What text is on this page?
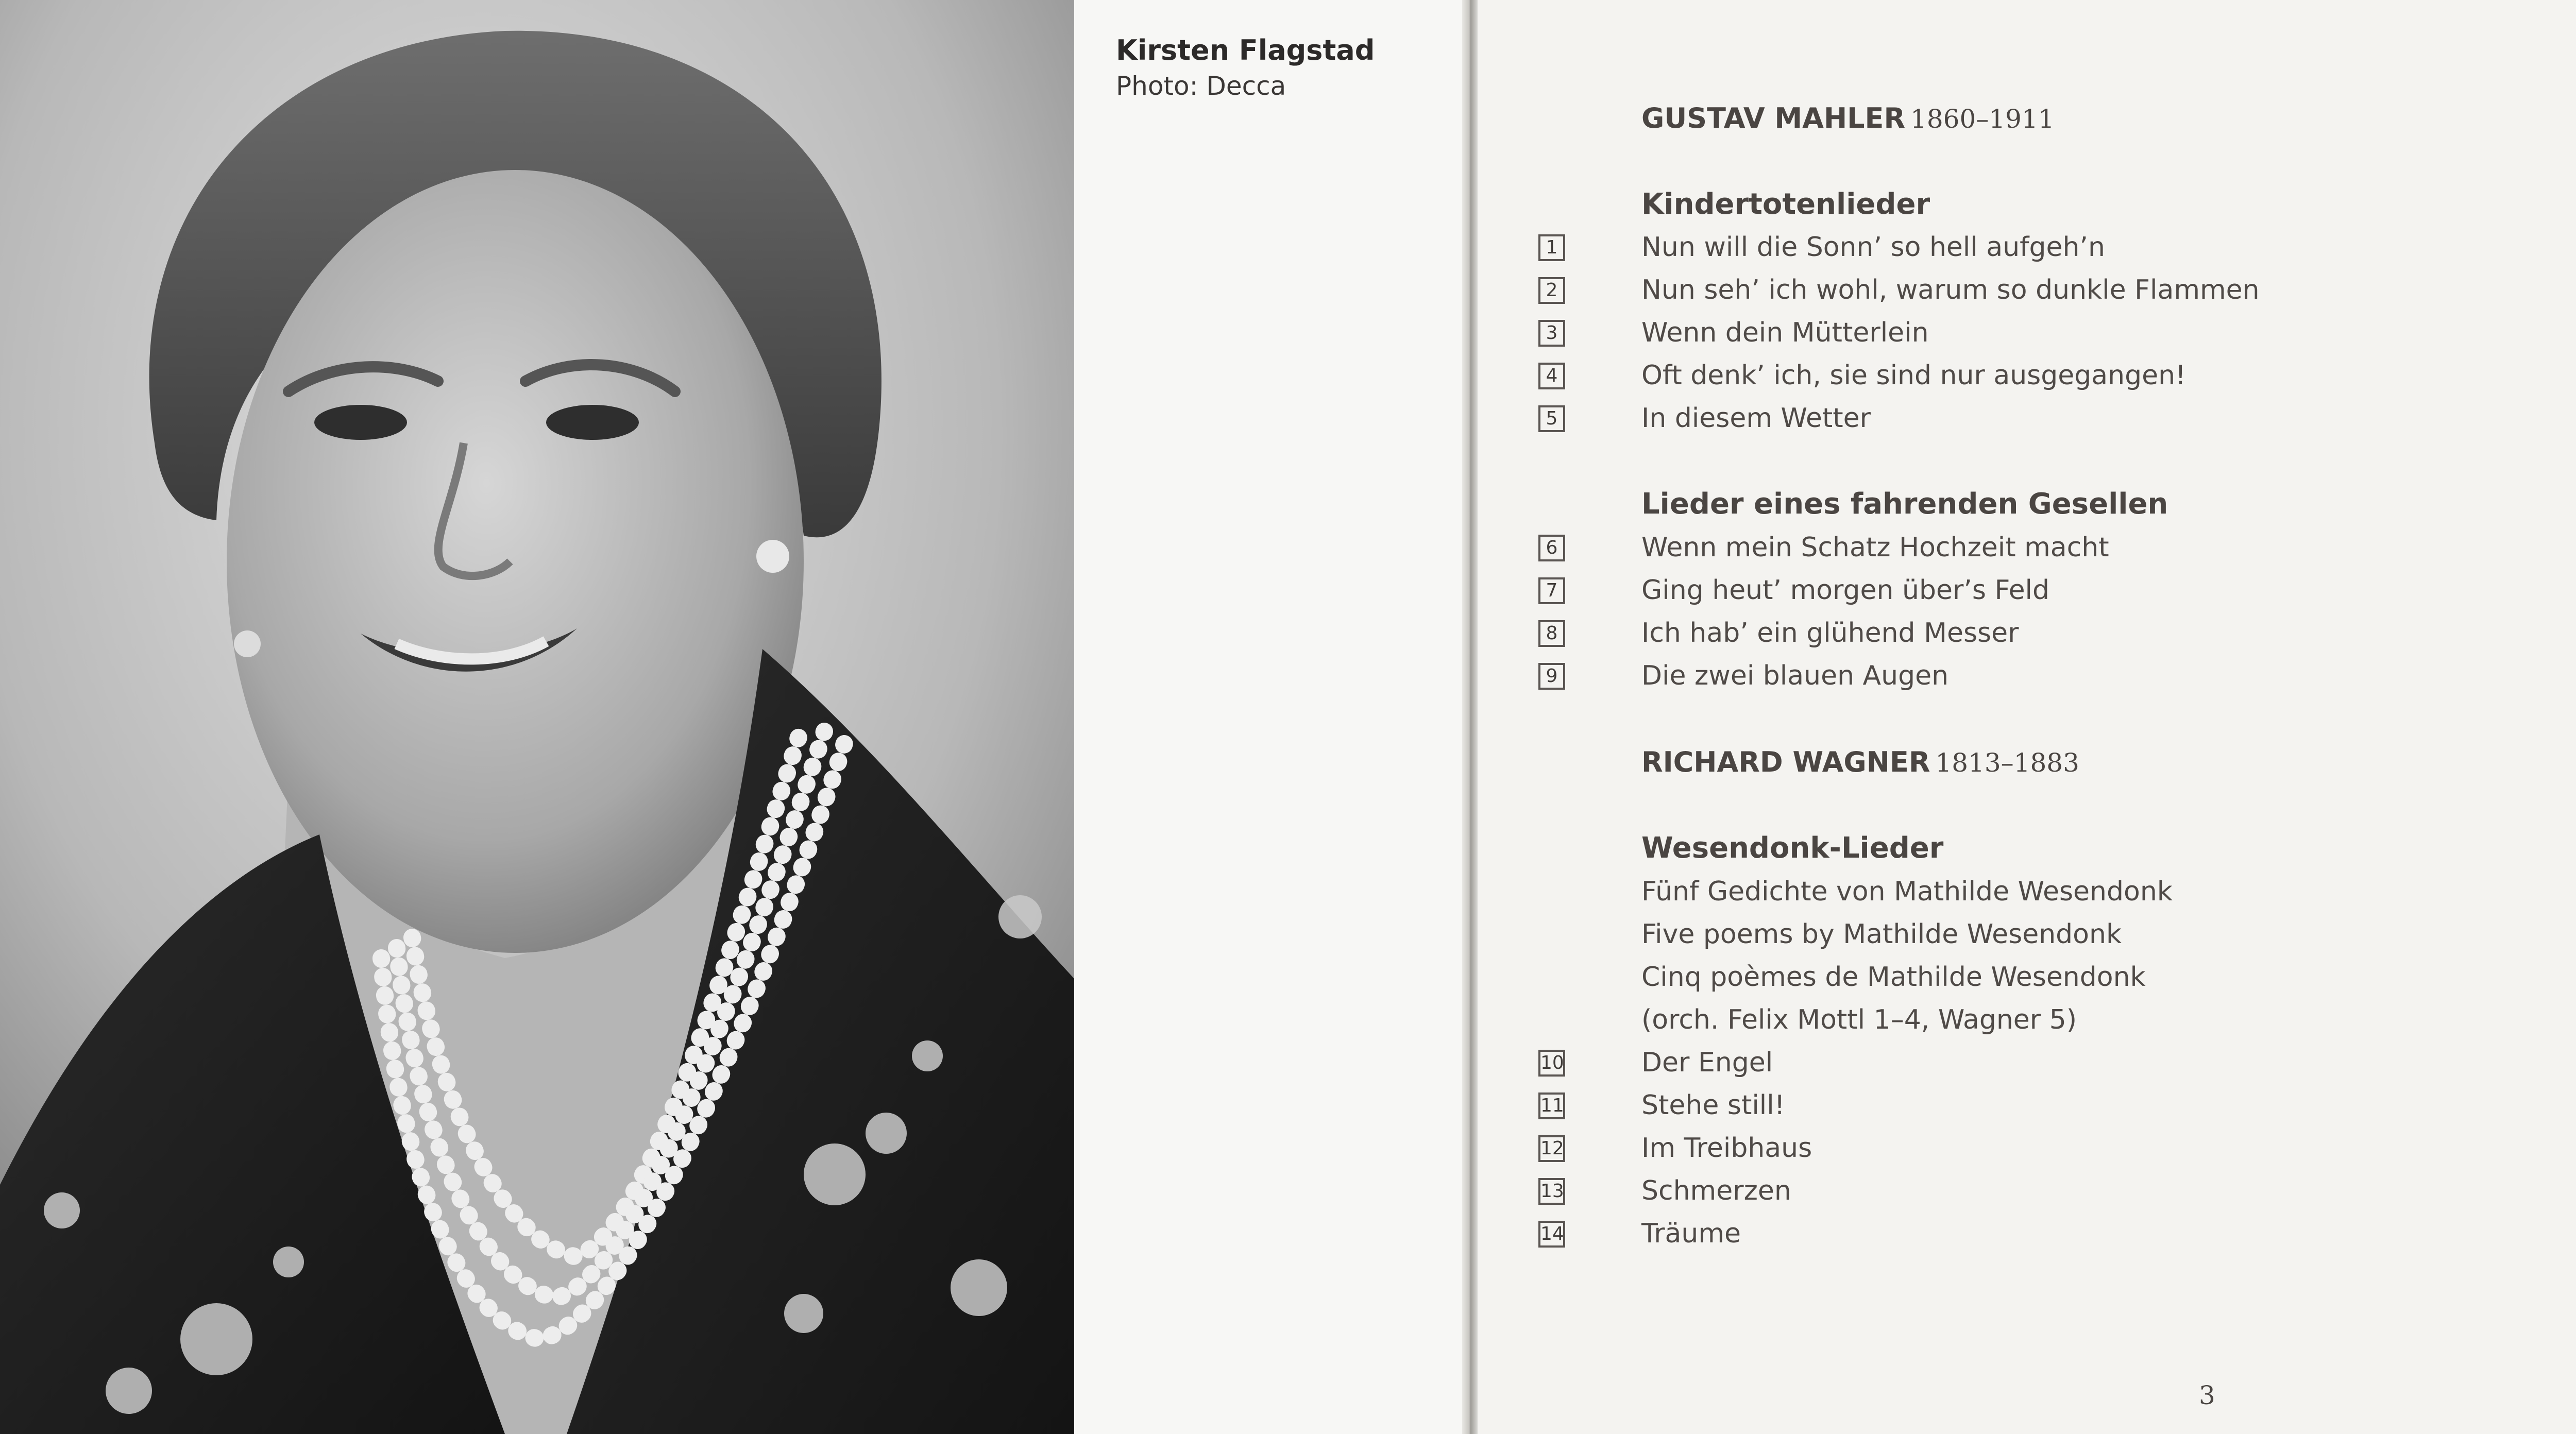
Kirsten Flagstad
Photo: Decca
GUSTAV MAHLER 1860–1911
Kindertotenlieder
1	Nun will die Sonn’ so hell aufgeh’n
2	Nun seh’ ich wohl, warum so dunkle Flammen
3	Wenn dein Mütterlein
4	Oft denk’ ich, sie sind nur ausgegangen!
5	In diesem Wetter
Lieder eines fahrenden Gesellen
6	Wenn mein Schatz Hochzeit macht
7	Ging heut’ morgen über’s Feld
8	Ich hab’ ein glühend Messer
9	Die zwei blauen Augen
RICHARD WAGNER 1813–1883
Wesendonk-Lieder
Fünf Gedichte von Mathilde Wesendonk
Five poems by Mathilde Wesendonk
Cinq poèmes de Mathilde Wesendonk
(orch. Felix Mottl 1–4, Wagner 5)
10	Der Engel
11	Stehe still!
12	Im Treibhaus
13	Schmerzen
14	Träume
3
